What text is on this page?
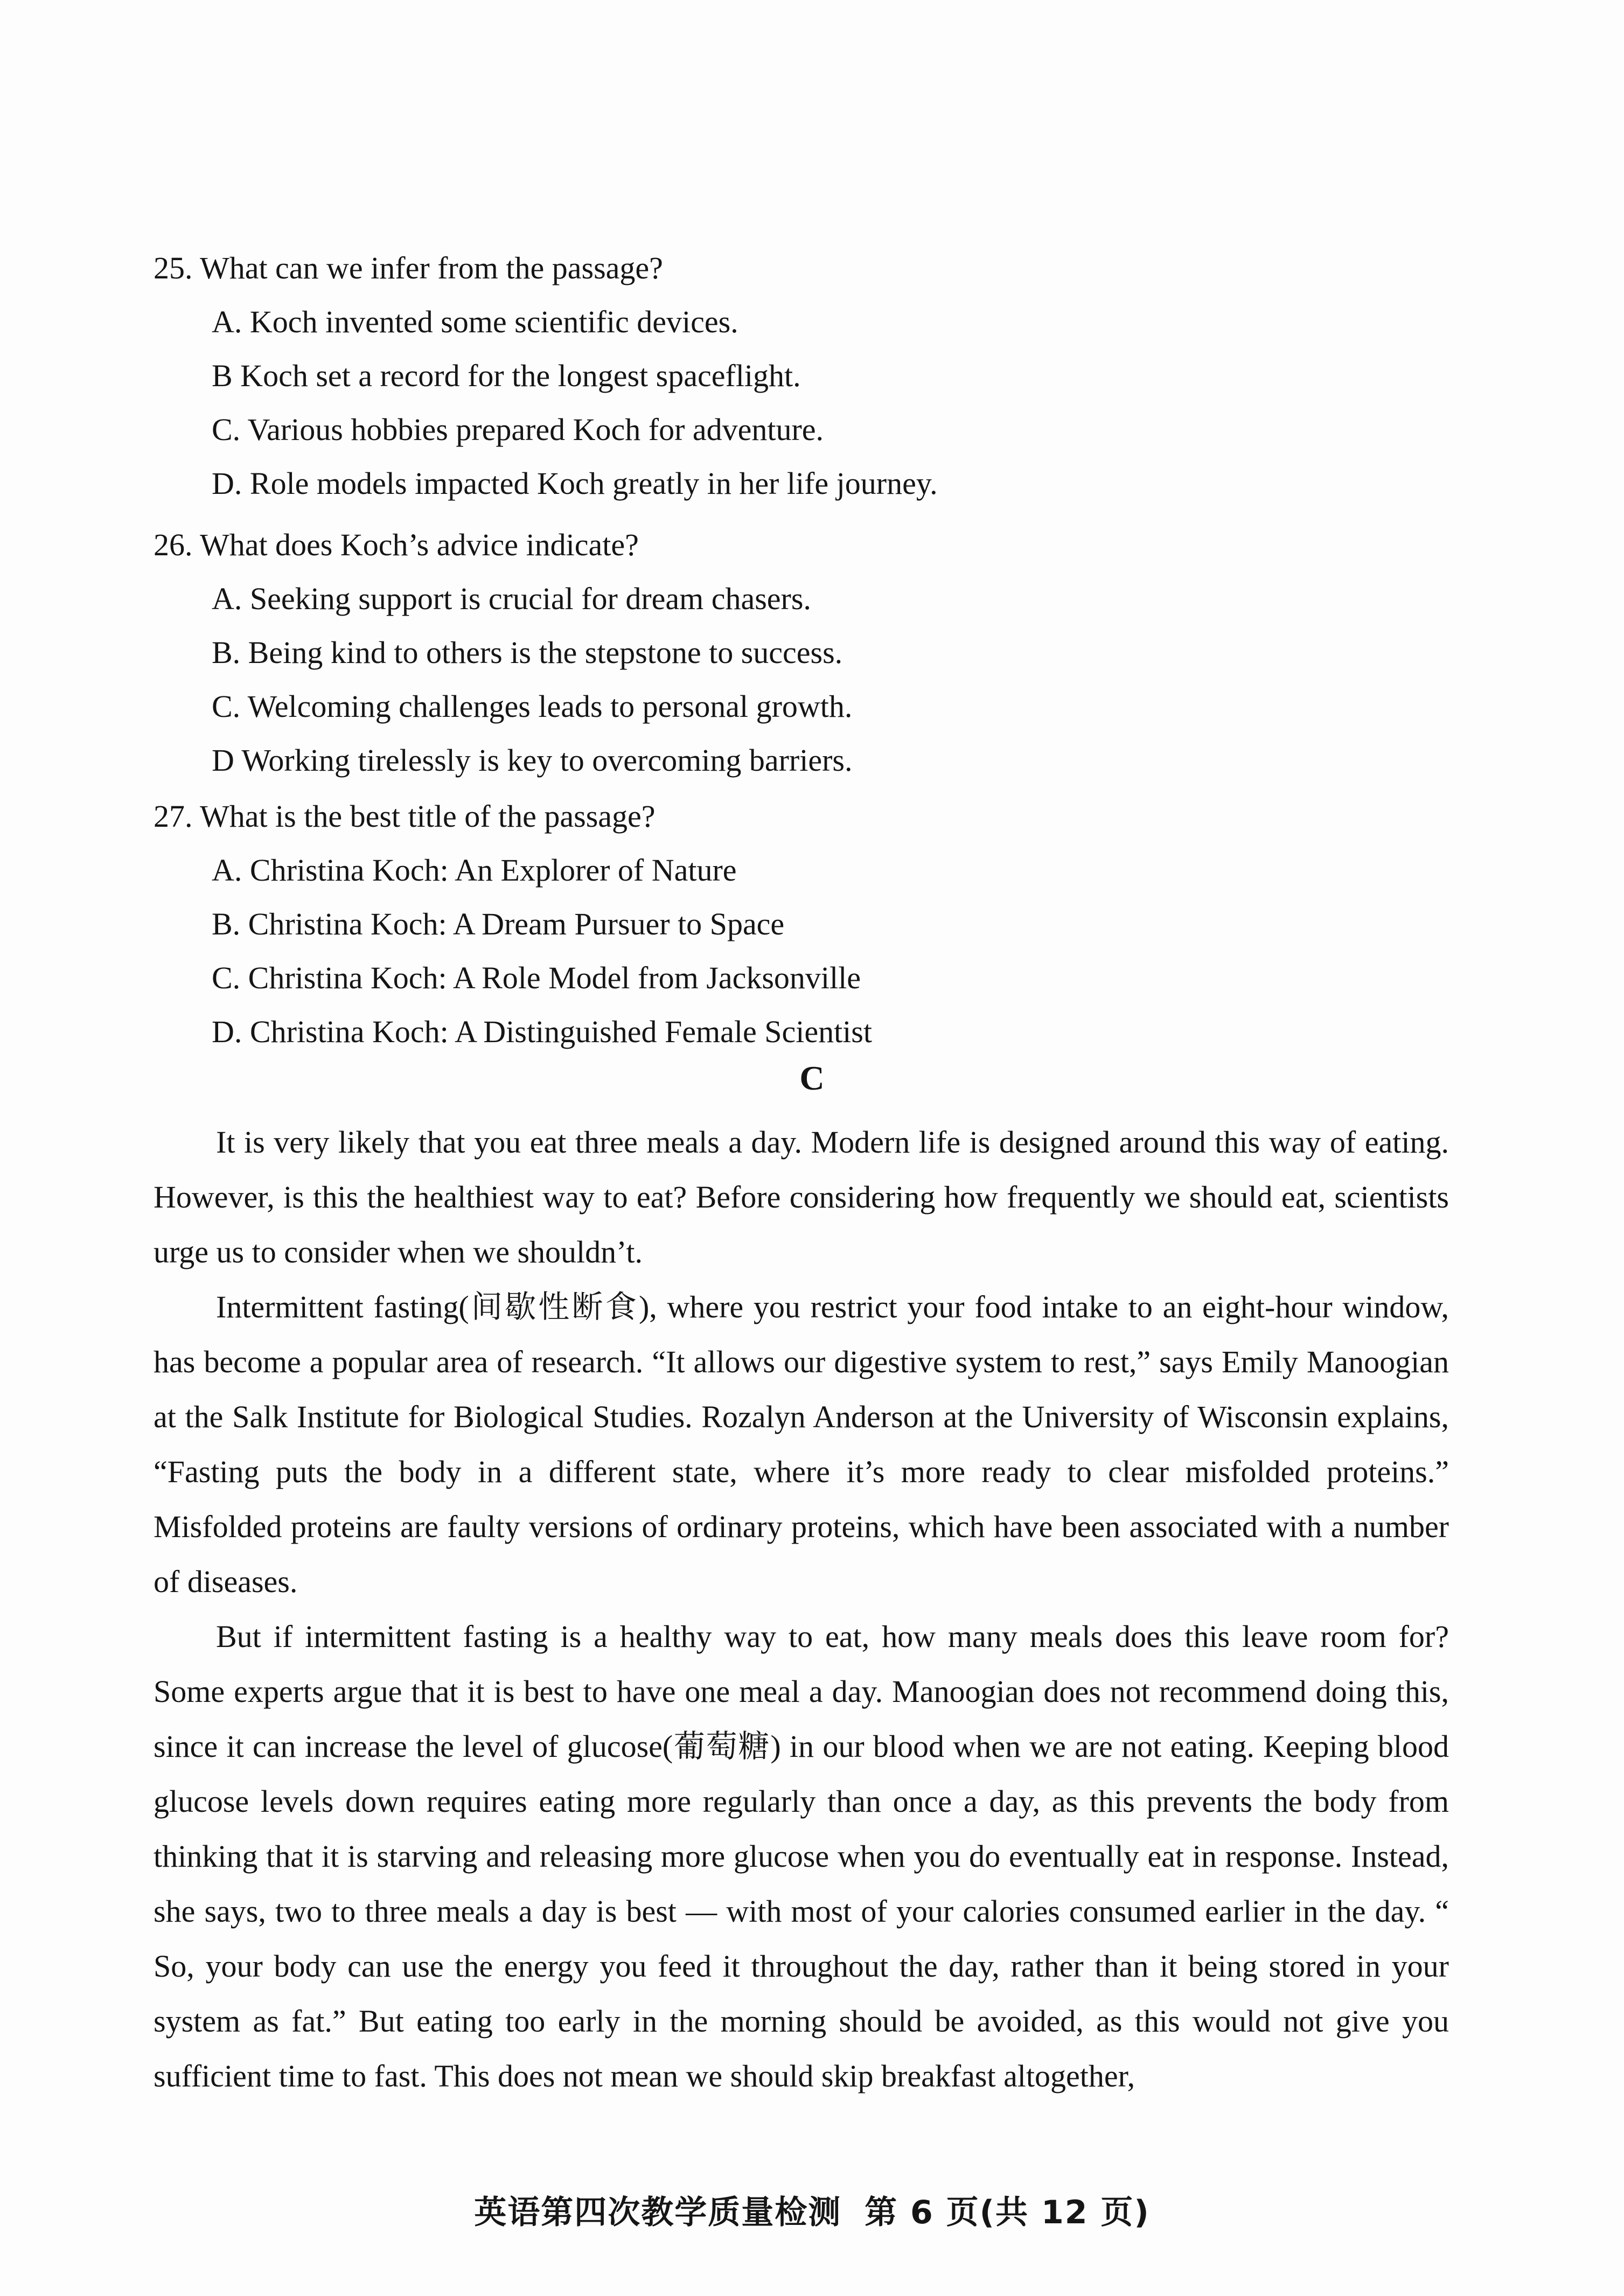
25. What can we infer from the passage?
A. Koch invented some scientific devices.
B Koch set a record for the longest spaceflight.
C. Various hobbies prepared Koch for adventure.
D. Role models impacted Koch greatly in her life journey.
26. What does Koch’s advice indicate?
A. Seeking support is crucial for dream chasers.
B. Being kind to others is the stepstone to success.
C. Welcoming challenges leads to personal growth.
D Working tirelessly is key to overcoming barriers.
27. What is the best title of the passage?
A. Christina Koch: An Explorer of Nature
B. Christina Koch: A Dream Pursuer to Space
C. Christina Koch: A Role Model from Jacksonville
D. Christina Koch: A Distinguished Female Scientist
C

It is very likely that you eat three meals a day. Modern life is designed around this way of eating. However, is this the healthiest way to eat? Before considering how frequently we should eat, scientists urge us to consider when we shouldn’t.

Intermittent fasting(间歇性断食), where you restrict your food intake to an eight-hour window, has become a popular area of research. “It allows our digestive system to rest,” says Emily Manoogian at the Salk Institute for Biological Studies. Rozalyn Anderson at the University of Wisconsin explains, “Fasting puts the body in a different state, where it’s more ready to clear misfolded proteins.” Misfolded proteins are faulty versions of ordinary proteins, which have been associated with a number of diseases.

But if intermittent fasting is a healthy way to eat, how many meals does this leave room for? Some experts argue that it is best to have one meal a day. Manoogian does not recommend doing this, since it can increase the level of glucose(葡萄糖) in our blood when we are not eating. Keeping blood glucose levels down requires eating more regularly than once a day, as this prevents the body from thinking that it is starving and releasing more glucose when you do eventually eat in response. Instead, she says, two to three meals a day is best — with most of your calories consumed earlier in the day. “ So, your body can use the energy you feed it throughout the day, rather than it being stored in your system as fat.” But eating too early in the morning should be avoided, as this would not give you sufficient time to fast. This does not mean we should skip breakfast altogether,

英语第四次教学质量检测 第 6 页(共 12 页)
